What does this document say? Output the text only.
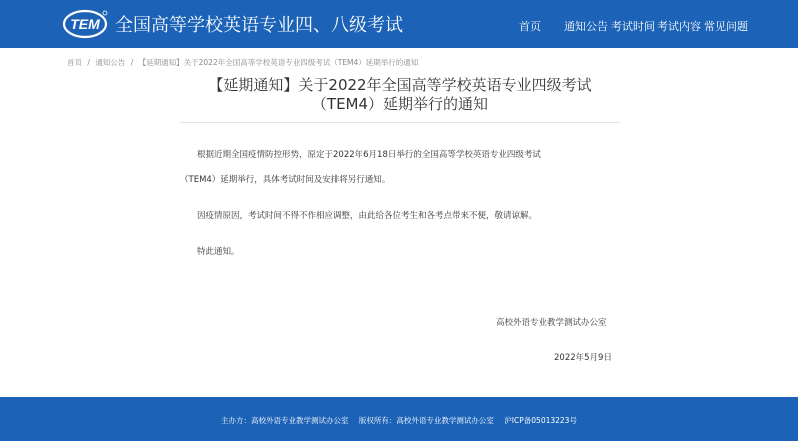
TEM 全国高等学校英语专业四、八级考试	首页 通知公告 考试时间 考试内容 常见问题
首页 / 通知公告 / 【延期通知】关于2022年全国高等学校英语专业四级考试（TEM4）延期举行的通知
【延期通知】关于2022年全国高等学校英语专业四级考试
（TEM4）延期举行的通知
根据近期全国疫情防控形势，原定于2022年6月18日举行的全国高等学校英语专业四级考试
（TEM4）延期举行，具体考试时间及安排将另行通知。
因疫情原因，考试时间不得不作相应调整，由此给各位考生和各考点带来不便，敬请谅解。
特此通知。
高校外语专业教学测试办公室
2022年5月9日
主办方：高校外语专业教学测试办公室 版权所有：高校外语专业教学测试办公室 沪ICP备05013223号
